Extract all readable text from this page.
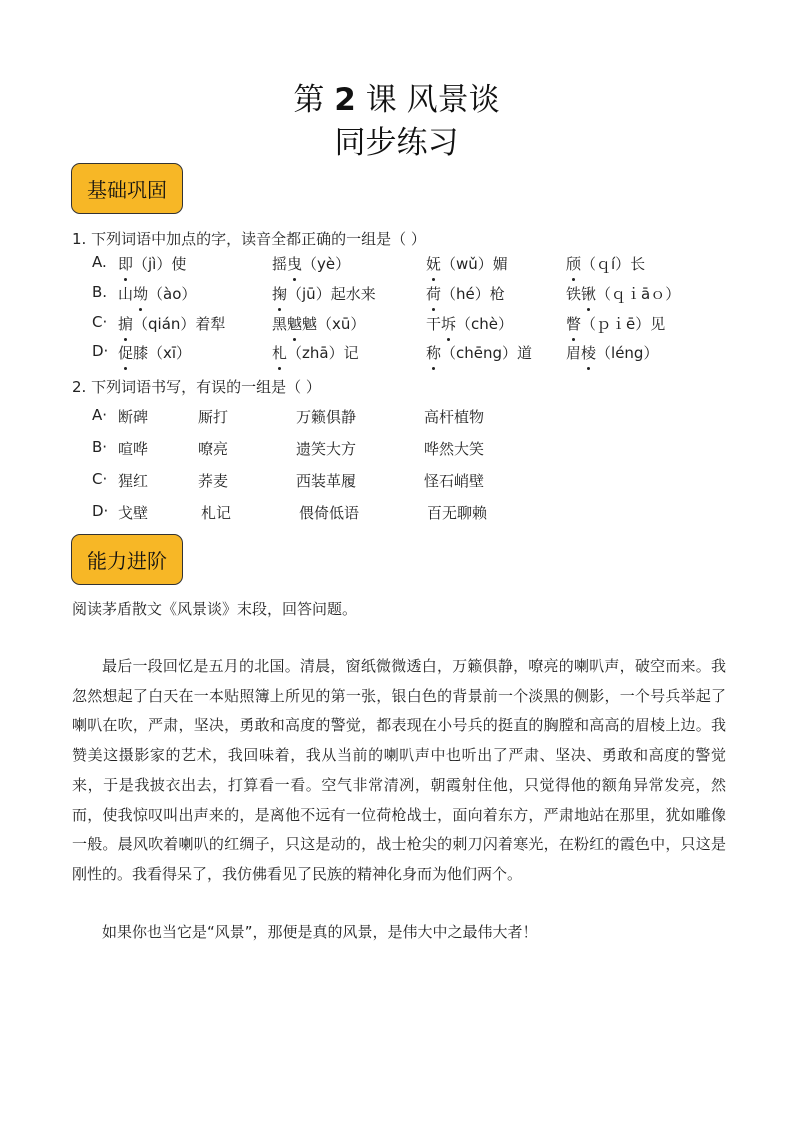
第 2 课 风景谈
同步练习
基础巩固
1. 下列词语中加点的字，读音全都正确的一组是（ ）
A. 即（jì）使	摇曳（yè）	妩（wǔ）媚	颀（ｑí）长
B. 山坳（ào）	掬（jū）起水来	荷（hé）枪	铁锹（ｑｉāｏ）
C· 掮（qián）着犁	黑魆魆（xū）	干坼（chè）	瞥（ｐｉē）见
D· 促膝（xī）	札（zhā）记	称（chēng）道 眉棱（léng）
2. 下列词语书写，有误的一组是（ ）
A· 断碑	厮打	万籁俱静	高杆植物
B· 喧哗	嘹亮	遗笑大方	哗然大笑
C· 猩红	荞麦	西装革履	怪石峭壁
D· 戈壁	札记	偎倚低语	百无聊赖
能力进阶
阅读茅盾散文《风景谈》末段，回答问题。

最后一段回忆是五月的北国。清晨，窗纸微微透白，万籁俱静，嘹亮的喇叭声，破空而来。我忽然想起了白天在一本贴照簿上所见的第一张，银白色的背景前一个淡黑的侧影，一个号兵举起了喇叭在吹，严肃，坚决，勇敢和高度的警觉，都表现在小号兵的挺直的胸膛和高高的眉棱上边。我赞美这摄影家的艺术，我回味着，我从当前的喇叭声中也听出了严肃、坚决、勇敢和高度的警觉来，于是我披衣出去，打算看一看。空气非常清冽，朝霞射住他，只觉得他的额角异常发亮，然而，使我惊叹叫出声来的，是离他不远有一位荷枪战士，面向着东方，严肃地站在那里，犹如雕像一般。晨风吹着喇叭的红绸子，只这是动的，战士枪尖的刺刀闪着寒光，在粉红的霞色中，只这是刚性的。我看得呆了，我仿佛看见了民族的精神化身而为他们两个。

如果你也当它是“风景”，那便是真的风景，是伟大中之最伟大者！
